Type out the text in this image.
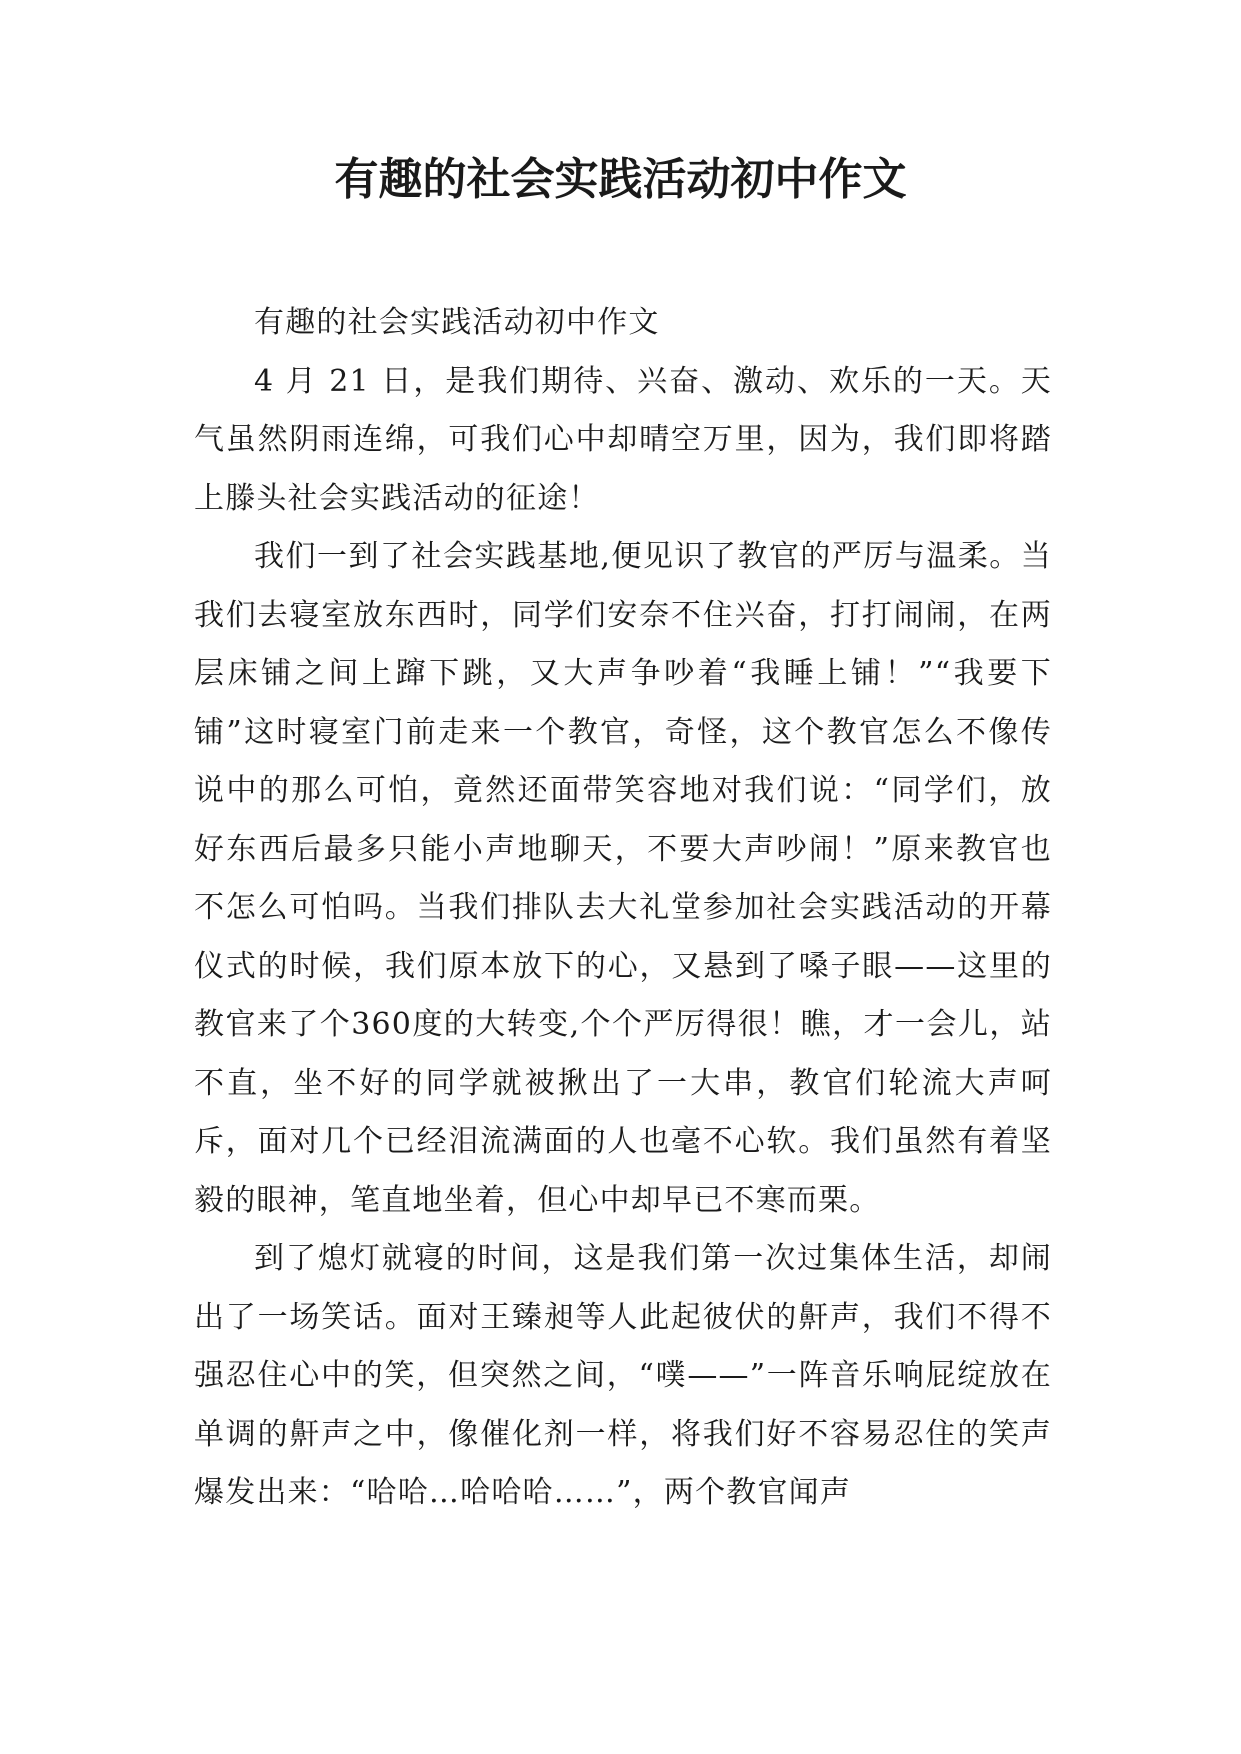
有趣的社会实践活动初中作文

有趣的社会实践活动初中作文

4 月 21 日，是我们期待、兴奋、激动、欢乐的一天。天气虽然阴雨连绵，可我们心中却晴空万里，因为，我们即将踏上滕头社会实践活动的征途！

我们一到了社会实践基地,便见识了教官的严厉与温柔。当我们去寝室放东西时，同学们安奈不住兴奋，打打闹闹，在两层床铺之间上蹿下跳，又大声争吵着“我睡上铺！”“我要下铺”这时寝室门前走来一个教官，奇怪，这个教官怎么不像传说中的那么可怕，竟然还面带笑容地对我们说：“同学们，放好东西后最多只能小声地聊天，不要大声吵闹！”原来教官也不怎么可怕吗。当我们排队去大礼堂参加社会实践活动的开幕仪式的时候，我们原本放下的心，又悬到了嗓子眼——这里的教官来了个360度的大转变,个个严厉得很！瞧，才一会儿，站不直，坐不好的同学就被揪出了一大串，教官们轮流大声呵斥，面对几个已经泪流满面的人也毫不心软。我们虽然有着坚毅的眼神，笔直地坐着，但心中却早已不寒而栗。

到了熄灯就寝的时间，这是我们第一次过集体生活，却闹出了一场笑话。面对王臻昶等人此起彼伏的鼾声，我们不得不强忍住心中的笑，但突然之间，“噗——”一阵音乐响屁绽放在单调的鼾声之中，像催化剂一样，将我们好不容易忍住的笑声爆发出来：“哈哈…哈哈哈……”，两个教官闻声
